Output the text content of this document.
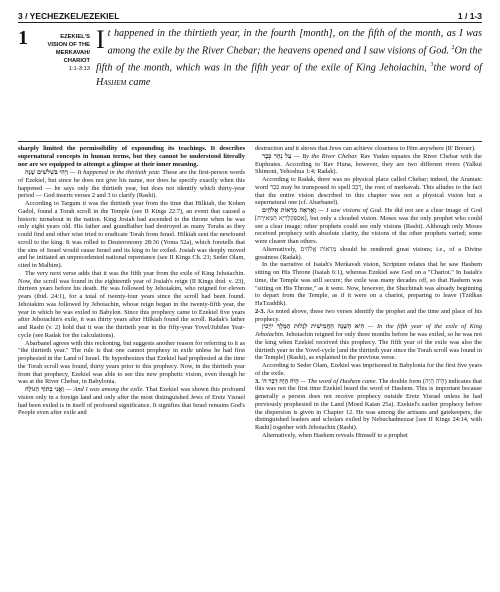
3 / YECHEZKEL/EZEKIEL	1 / 1-3
1	EZEKIEL'S
VISION OF THE
MERKAVAH/
CHARIOT
1:1-3:13
It happened in the thirtieth year, in the fourth [month], on the fifth of the month, as I was among the exile by the River Chebar; the heavens opened and I saw visions of God. $^2$On the fifth of the month, which was in the fifth year of the exile of King Jehoiachin, $^3$the word of Hashem came

sharply limited the permissibility of expounding its teachings. It describes supernatural concepts in human terms, but they cannot be understood literally nor are we equipped to attempt a glimpse at their inner meaning.

וַיְהִי בִּשְׁלֹשִׁים שָׁנָה — It happened in the thirtieth year. These are the first-person words of Ezekiel, but since he does not give his name, nor does he specify exactly when this happened — he says only the thirtieth year, but does not identify which thirty-year period — God inserts verses 2 and 3 to clarify (Rashi).

According to Targum it was the thirtieth year from the time that Hilkiah, the Kohen Gadol, found a Torah scroll in the Temple (see II Kings 22:7), an event that caused a historic turnabout in the nation. King Josiah had ascended to the throne when he was only eight years old. His father and grandfather had destroyed as many Torahs as they could find and other wise tried to eradicate Torah from Israel. Hilkiah sent the newfound scroll to the king. It was rolled to Deuteronomy 28:36 (Yoma 52a), which foretells that the sins of Israel would cause Israel and its king to be exiled. Josiah was deeply moved and he initiated an unprecedented national repentance (see II Kings Ch. 23; Seder Olam, cited in Malbim).

The very next verse adds that it was the fifth year from the exile of King Jehoiachin. Now, the scroll was found in the eighteenth year of Josiah's reign (II Kings ibid. v. 23), thirteen years before his death. He was followed by Jehoiakim, who reigned for eleven years (ibid. 24:1), for a total of twenty-four years since the scroll had been found. Jehoiakim was followed by Jehoiachin, whose reign began in the twenty-fifth year, the year in which he was exiled to Babylon. Since this prophecy came to Ezekiel five years after Jehoiachin's exile, it was thirty years after Hilkiah found the scroll. Radak's father and Rashi (v. 2) hold that it was the thirtieth year in the fifty-year Yovel/Jubilee Year-cycle (see Radak for the calculations).

Abarbanel agrees with this reckoning, but suggests another reason for referring to it as "the thirtieth year." The rule is that one cannot prophesy in exile unless he had first prophesied in the Land of Israel. He hypothesizes that Ezekiel had prophesied at the time the Torah scroll was found, thirty years prior to this prophecy. Now, in the thirtieth year from that prophecy, Ezekiel was able to see this new prophetic vision, even though he was at the River Chebar, in Babylonia.

וַאֲנִי בְתוֹךְ הַגּוֹלָה — And I was among the exile. That Ezekiel was shown this profound vision only in a foreign land and only after the most distinguished Jews of Eretz Yisrael had been exiled is in itself of profound significance. It signifies that Israel remains God's People even after exile and

destruction and it shows that Jews can achieve closeness to Him anywhere (R' Breuer).

עַל נְהַר כְּבָר — By the River Chebar. Rav Yudan equates the River Chebar with the Euphrates. According to Rav Huna, however, they are two different rivers (Yalkut Shimoni, Yehoshua 1:4; Radak).

According to Radak, there was no physical place called Chebar; indeed, the Aramaic word כְּבָר may be transposed to spell רֶכֶב, the root of merkavah. This alludes to the fact that the entire vision described in this chapter was not a physical vision but a supernatural one (cf. Abarbanel).

וָאֶרְאֶה מַרְאוֹת אֱלֹהִים — I saw visions of God. He did not see a clear image of God [אַסְפַּקְלַרְיָא הַמְּאִירָה], but only a clouded vision. Moses was the only prophet who could see a clear image; other prophets could see only visions (Rashi). Although only Moses received prophecy with absolute clarity, the visions of the other prophets varied; some were clearer than others.

Alternatively, מַרְאוֹת אֱלֹהִים should be rendered great visions; i.e., of a Divine greatness (Radak).

In the narrative of Isaiah's Merkavah vision, Scripture relates that he saw Hashem sitting on His Throne (Isaiah 6:1), whereas Ezekiel saw God on a "Chariot." In Isaiah's time, the Temple was still secure; the exile was many decades off, so that Hashem was "sitting on His Throne," as it were. Now, however, the Shechinah was already beginning to depart from the Temple, as if it were on a chariot, preparing to leave (Tzidkas HaTzaddik).

2-3. As noted above, these two verses identify the prophet and the time and place of his prophecy.

הִיא הַשָּׁנָה הַחֲמִישִׁית לְגָלוּת הַמֶּלֶךְ יוֹיָכִין — In the fifth year of the exile of King Jehoiachin. Jehoiachin reigned for only three months before he was exiled, so he was not the king when Ezekiel received this prophecy. The fifth year of the exile was also the thirtieth year in the Yovel-cycle [and the thirtieth year since the Torah scroll was found in the Temple] (Rashi), as explained in the previous verse.

According to Seder Olam, Ezekiel was imprisoned in Babylonia for the first five years of the exile.

3. הָיֹה הָיָה דְבַר ה' — The word of Hashem came. The double form (הָיֹה הָיָה) indicates that this was not the first time Ezekiel heard the word of Hashem. This is important because generally a person does not receive prophecy outside Eretz Yisrael unless he had previously prophesied in the Land (Moed Katan 25a). Ezekiel's earlier prophecy before the dispersion is given in Chapter 12. He was among the artisans and gatekeepers, the distinguished leaders and scholars exiled by Nebuchadnezzar [see II Kings 24:14, with Rashi] together with Jehoiachin (Rashi).

Alternatively, when Hashem reveals Himself to a prophet
